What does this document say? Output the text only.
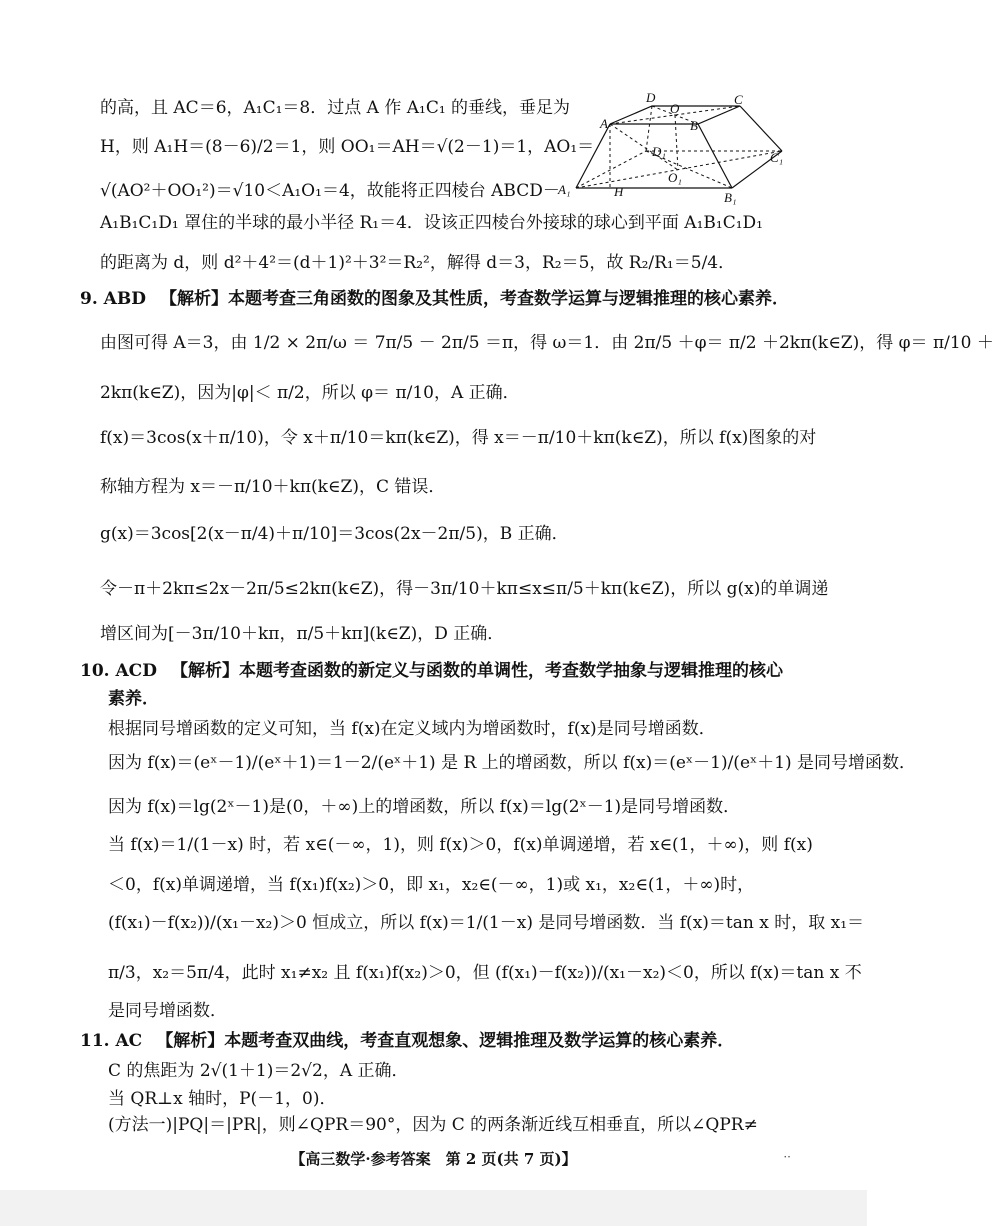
的高，且 AC＝6，A₁C₁＝8．过点 A 作 A₁C₁ 的垂线，垂足为
H，则 A₁H＝(8－6)/2＝1，则 OO₁＝AH＝√(2－1)＝1，AO₁＝
√(AO²＋OO₁²)＝√10＜A₁O₁＝4，故能将正四棱台 ABCD－
A₁B₁C₁D₁ 罩住的半球的最小半径 R₁＝4．设该正四棱台外接球的球心到平面 A₁B₁C₁D₁
的距离为 d，则 d²＋4²＝(d＋1)²＋3²＝R₂²，解得 d＝3，R₂＝5，故 R₂/R₁＝5/4．
A
D
O
B
C
D₁	C₁
O₁
A₁	H	B₁
9. ABD 【解析】本题考查三角函数的图象及其性质，考查数学运算与逻辑推理的核心素养．
由图可得 A＝3，由 1/2 × 2π/ω ＝ 7π/5 － 2π/5 ＝π，得 ω＝1．由 2π/5 ＋φ＝ π/2 ＋2kπ(k∈Z)，得 φ＝ π/10 ＋
2kπ(k∈Z)，因为|φ|＜ π/2，所以 φ＝ π/10，A 正确．
f(x)＝3cos(x＋π/10)，令 x＋π/10＝kπ(k∈Z)，得 x＝－π/10＋kπ(k∈Z)，所以 f(x)图象的对
称轴方程为 x＝－π/10＋kπ(k∈Z)，C 错误．
g(x)＝3cos[2(x－π/4)＋π/10]＝3cos(2x－2π/5)，B 正确．
令－π＋2kπ≤2x－2π/5≤2kπ(k∈Z)，得－3π/10＋kπ≤x≤π/5＋kπ(k∈Z)，所以 g(x)的单调递
增区间为[－3π/10＋kπ，π/5＋kπ](k∈Z)，D 正确．
10. ACD 【解析】本题考查函数的新定义与函数的单调性，考查数学抽象与逻辑推理的核心
素养．
根据同号增函数的定义可知，当 f(x)在定义域内为增函数时，f(x)是同号增函数．
因为 f(x)＝(eˣ－1)/(eˣ＋1)＝1－2/(eˣ＋1) 是 R 上的增函数，所以 f(x)＝(eˣ－1)/(eˣ＋1) 是同号增函数．
因为 f(x)＝lg(2ˣ－1)是(0，＋∞)上的增函数，所以 f(x)＝lg(2ˣ－1)是同号增函数．
当 f(x)＝1/(1－x) 时，若 x∈(－∞，1)，则 f(x)＞0，f(x)单调递增，若 x∈(1，＋∞)，则 f(x)
＜0，f(x)单调递增，当 f(x₁)f(x₂)＞0，即 x₁，x₂∈(－∞，1)或 x₁，x₂∈(1，＋∞)时，
(f(x₁)－f(x₂))/(x₁－x₂)＞0 恒成立，所以 f(x)＝1/(1－x) 是同号增函数．当 f(x)＝tan x 时，取 x₁＝
π/3，x₂＝5π/4，此时 x₁≠x₂ 且 f(x₁)f(x₂)＞0，但 (f(x₁)－f(x₂))/(x₁－x₂)＜0，所以 f(x)＝tan x 不
是同号增函数．
11. AC 【解析】本题考查双曲线，考查直观想象、逻辑推理及数学运算的核心素养．
C 的焦距为 2√(1＋1)＝2√2，A 正确．
当 QR⊥x 轴时，P(－1，0)．
(方法一)|PQ|＝|PR|，则∠QPR＝90°，因为 C 的两条渐近线互相垂直，所以∠QPR≠
【高三数学·参考答案　第 2 页(共 7 页)】	··
